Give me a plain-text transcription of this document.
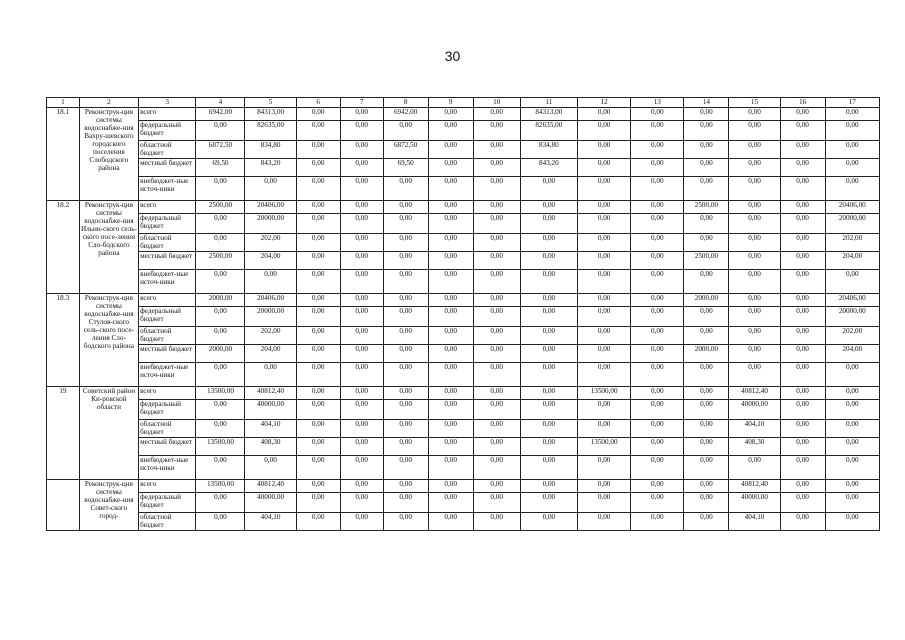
30
1	2	3	4	5	6	7	8	9	10	11	12	13	14	15	16	17
18.1	Реконструк-ция системы водоснабже-ния Вахру-шевского городского поселения Слободского района	всего	6942,00	84313,00	0,00	0,00	6942,00	0,00	0,00	84313,00	0,00	0,00	0,00	0,00	0,00	0,00
		федеральный бюджет	0,00	82635,00	0,00	0,00	0,00	0,00	0,00	82635,00	0,00	0,00	0,00	0,00	0,00	0,00
		областной бюджет	6872,50	834,80	0,00	0,00	6872,50	0,00	0,00	834,80	0,00	0,00	0,00	0,00	0,00	0,00
		местный бюджет	69,50	843,20	0,00	0,00	69,50	0,00	0,00	843,20	0,00	0,00	0,00	0,00	0,00	0,00
		внебюджет-ные источ-ники	0,00	0,00	0,00	0,00	0,00	0,00	0,00	0,00	0,00	0,00	0,00	0,00	0,00	0,00
18.2	Реконструк-ция системы водоснабже-ния Ильин-ского сель-ского посе-ления Сло-бодского района	всего	2500,00	20406,00	0,00	0,00	0,00	0,00	0,00	0,00	0,00	0,00	2500,00	0,00	0,00	20406,00
		федеральный бюджет	0,00	20000,00	0,00	0,00	0,00	0,00	0,00	0,00	0,00	0,00	0,00	0,00	0,00	20000,00
		областной бюджет	0,00	202,00	0,00	0,00	0,00	0,00	0,00	0,00	0,00	0,00	0,00	0,00	0,00	202,00
		местный бюджет	2500,00	204,00	0,00	0,00	0,00	0,00	0,00	0,00	0,00	0,00	2500,00	0,00	0,00	204,00
		внебюджет-ные источ-ники	0,00	0,00	0,00	0,00	0,00	0,00	0,00	0,00	0,00	0,00	0,00	0,00	0,00	0,00
18.3	Реконструк-ция системы водоснабже-ния Стулов-ского сель-ского посе-ления Сло-бодского района	всего	2000,00	20406,00	0,00	0,00	0,00	0,00	0,00	0,00	0,00	0,00	2000,00	0,00	0,00	20406,00
		федеральный бюджет	0,00	20000,00	0,00	0,00	0,00	0,00	0,00	0,00	0,00	0,00	0,00	0,00	0,00	20000,00
		областной бюджет	0,00	202,00	0,00	0,00	0,00	0,00	0,00	0,00	0,00	0,00	0,00	0,00	0,00	202,00
		местный бюджет	2000,00	204,00	0,00	0,00	0,00	0,00	0,00	0,00	0,00	0,00	2000,00	0,00	0,00	204,00
		внебюджет-ные источ-ники	0,00	0,00	0,00	0,00	0,00	0,00	0,00	0,00	0,00	0,00	0,00	0,00	0,00	0,00
19	Советский район Ки-ровской области	всего	13500,00	40812,40	0,00	0,00	0,00	0,00	0,00	0,00	13500,00	0,00	0,00	40812,40	0,00	0,00
		федеральный бюджет	0,00	40000,00	0,00	0,00	0,00	0,00	0,00	0,00	0,00	0,00	0,00	40000,00	0,00	0,00
		областной бюджет	0,00	404,10	0,00	0,00	0,00	0,00	0,00	0,00	0,00	0,00	0,00	404,10	0,00	0,00
		местный бюджет	13500,00	408,30	0,00	0,00	0,00	0,00	0,00	0,00	13500,00	0,00	0,00	408,30	0,00	0,00
		внебюджет-ные источ-ники	0,00	0,00	0,00	0,00	0,00	0,00	0,00	0,00	0,00	0,00	0,00	0,00	0,00	0,00
	Реконструк-ция системы водоснабже-ния Совет-ского город-	всего	13500,00	40812,40	0,00	0,00	0,00	0,00	0,00	0,00	0,00	0,00	0,00	40812,40	0,00	0,00
		федеральный бюджет	0,00	40000,00	0,00	0,00	0,00	0,00	0,00	0,00	0,00	0,00	0,00	40000,00	0,00	0,00
		областной бюджет	0,00	404,10	0,00	0,00	0,00	0,00	0,00	0,00	0,00	0,00	0,00	404,10	0,00	0,00
